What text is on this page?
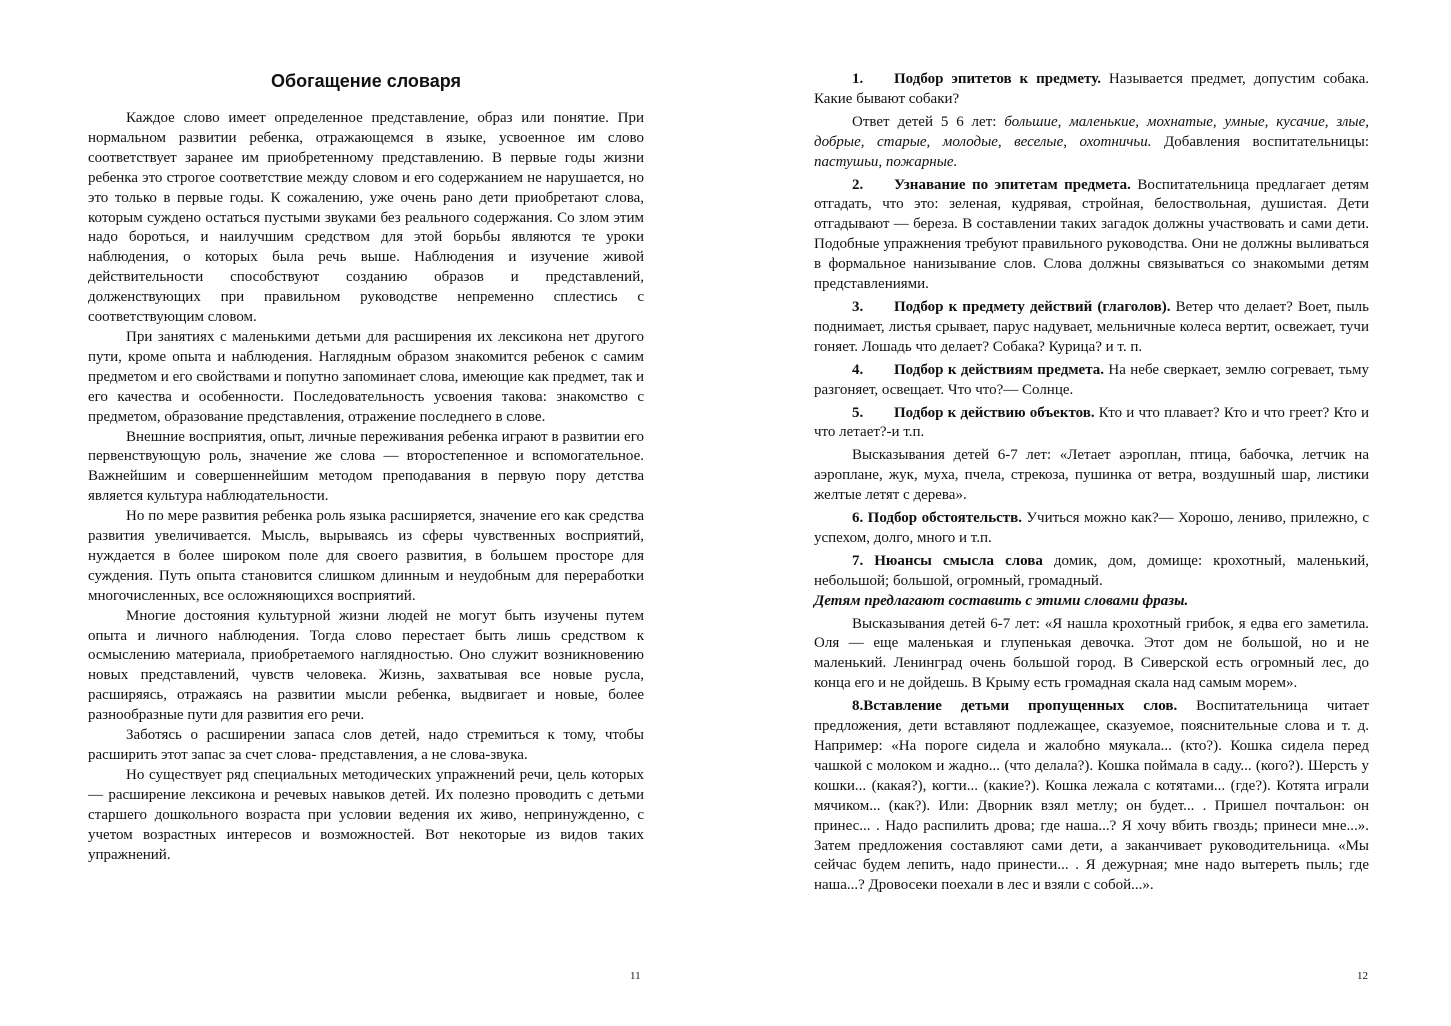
Обогащение словаря

Каждое слово имеет определенное представление, образ или понятие. При нормальном развитии ребенка, отражающемся в языке, усвоенное им слово соответствует заранее им приобретенному представлению. В первые годы жизни ребенка это строгое соответствие между словом и его содержанием не нарушается, но это только в первые годы. К сожалению, уже очень рано дети приобретают слова, которым суждено остаться пустыми звуками без реального содержания. Со злом этим надо бороться, и наилучшим средством для этой борьбы являются те уроки наблюдения, о которых была речь выше. Наблюдения и изучение живой действительности способствуют созданию образов и представлений, долженствующих при правильном руководстве непременно сплестись с соответствующим словом.

При занятиях с маленькими детьми для расширения их лексикона нет другого пути, кроме опыта и наблюдения. Наглядным образом знакомится ребенок с самим предметом и его свойствами и попутно запоминает слова, имеющие как предмет, так и его качества и особенности. Последовательность усвоения такова: знакомство с предметом, образование представления, отражение последнего в слове.

Внешние восприятия, опыт, личные переживания ребенка играют в развитии его первенствующую роль, значение же слова — второстепенное и вспомогательное. Важнейшим и совершеннейшим методом преподавания в первую пору детства является культура наблюдательности.

Но по мере развития ребенка роль языка расширяется, значение его как средства развития увеличивается. Мысль, вырываясь из сферы чувственных восприятий, нуждается в более широком поле для своего развития, в большем просторе для суждения. Путь опыта становится слишком длинным и неудобным для переработки многочисленных, все осложняющихся восприятий.

Многие достояния культурной жизни людей не могут быть изучены путем опыта и личного наблюдения. Тогда слово перестает быть лишь средством к осмыслению материала, приобретаемого наглядностью. Оно служит возникновению новых представлений, чувств человека. Жизнь, захватывая все новые русла, расширяясь, отражаясь на развитии мысли ребенка, выдвигает и новые, более разнообразные пути для развития его речи.

Заботясь о расширении запаса слов детей, надо стремиться к тому, чтобы расширить этот запас за счет слова- представления, а не слова-звука.

Но существует ряд специальных методических упражнений речи, цель которых — расширение лексикона и речевых навыков детей. Их полезно проводить с детьми старшего дошкольного возраста при условии ведения их живо, непринужденно, с учетом возрастных интересов и возможностей. Вот некоторые из видов таких упражнений.

11

1. Подбор эпитетов к предмету. Называется предмет, допустим собака. Какие бывают собаки?

Ответ детей 5 6 лет: большие, маленькие, мохнатые, умные, кусачие, злые, добрые, старые, молодые, веселые, охотничьи. Добавления воспитательницы: пастушьи, пожарные.

2. Узнавание по эпитетам предмета. Воспитательница предлагает детям отгадать, что это: зеленая, кудрявая, стройная, белоствольная, душистая. Дети отгадывают — береза. В составлении таких загадок должны участвовать и сами дети. Подобные упражнения требуют правильного руководства. Они не должны выливаться в формальное нанизывание слов. Слова должны связываться со знакомыми детям представлениями.

3. Подбор к предмету действий (глаголов). Ветер что делает? Воет, пыль поднимает, листья срывает, парус надувает, мельничные колеса вертит, освежает, тучи гоняет. Лошадь что делает? Собака? Курица? и т. п.

4. Подбор к действиям предмета. На небе сверкает, землю согревает, тьму разгоняет, освещает. Что что?— Солнце.

5. Подбор к действию объектов. Кто и что плавает? Кто и что греет? Кто и что летает?-и т.п.

Высказывания детей 6-7 лет: «Летает аэроплан, птица, бабочка, летчик на аэроплане, жук, муха, пчела, стрекоза, пушинка от ветра, воздушный шар, листики желтые летят с дерева».

6. Подбор обстоятельств. Учиться можно как?— Хорошо, лениво, прилежно, с успехом, долго, много и т.п.

7. Нюансы смысла слова домик, дом, домище: крохотный, маленький, небольшой; большой, огромный, громадный.

Детям предлагают составить с этими словами фразы.

Высказывания детей 6-7 лет: «Я нашла крохотный грибок, я едва его заметила. Оля — еще маленькая и глупенькая девочка. Этот дом не большой, но и не маленький. Ленинград очень большой город. В Сиверской есть огромный лес, до конца его и не дойдешь. В Крыму есть громадная скала над самым морем».

8.Вставление детьми пропущенных слов. Воспитательница читает предложения, дети вставляют подлежащее, сказуемое, пояснительные слова и т. д. Например: «На пороге сидела и жалобно мяукала... (кто?). Кошка сидела перед чашкой с молоком и жадно... (что делала?). Кошка поймала в саду... (кого?). Шерсть у кошки... (какая?), когти... (какие?). Кошка лежала с котятами... (где?). Котята играли мячиком... (как?). Или: Дворник взял метлу; он будет... . Пришел почтальон: он принес... . Надо распилить дрова; где наша...? Я хочу вбить гвоздь; принеси мне...». Затем предложения составляют сами дети, а заканчивает руководительница. «Мы сейчас будем лепить, надо принести... . Я дежурная; мне надо вытереть пыль; где наша...? Дровосеки поехали в лес и взяли с собой...».

12
